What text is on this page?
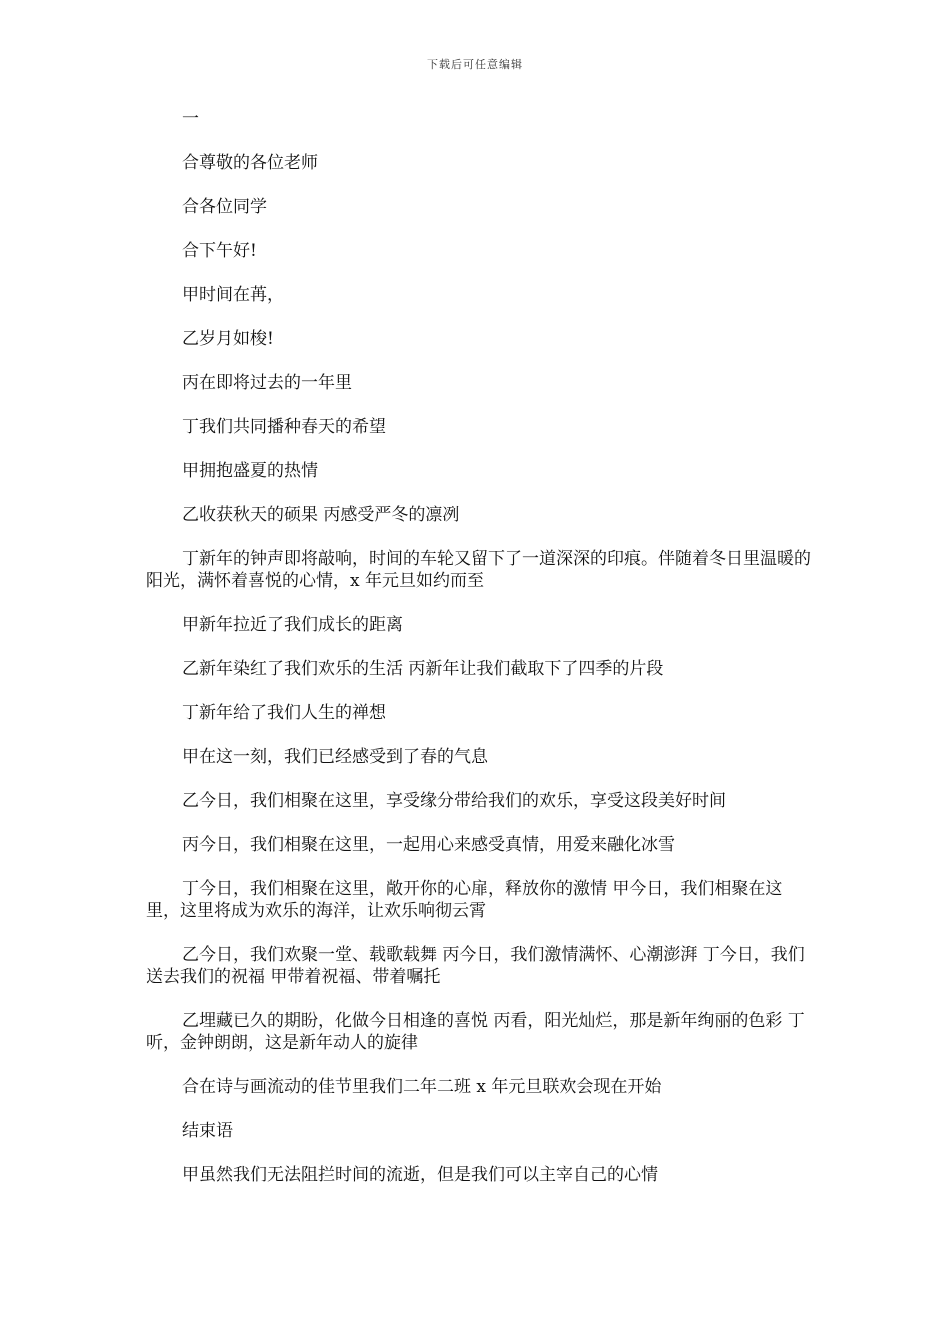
下载后可任意编辑

一

合尊敬的各位老师

合各位同学

合下午好!

甲时间在苒，

乙岁月如梭!

丙在即将过去的一年里

丁我们共同播种春天的希望

甲拥抱盛夏的热情

乙收获秋天的硕果 丙感受严冬的凛冽

丁新年的钟声即将敲响，时间的车轮又留下了一道深深的印痕。伴随着冬日里温暖的阳光，满怀着喜悦的心情，x 年元旦如约而至

甲新年拉近了我们成长的距离

乙新年染红了我们欢乐的生活 丙新年让我们截取下了四季的片段

丁新年给了我们人生的禅想

甲在这一刻，我们已经感受到了春的气息

乙今日，我们相聚在这里，享受缘分带给我们的欢乐，享受这段美好时间

丙今日，我们相聚在这里，一起用心来感受真情，用爱来融化冰雪

丁今日，我们相聚在这里，敞开你的心扉，释放你的激情 甲今日，我们相聚在这里，这里将成为欢乐的海洋，让欢乐响彻云霄

乙今日，我们欢聚一堂、载歌载舞 丙今日，我们激情满怀、心潮澎湃 丁今日，我们送去我们的祝福 甲带着祝福、带着嘱托

乙埋藏已久的期盼，化做今日相逢的喜悦 丙看，阳光灿烂，那是新年绚丽的色彩 丁听，金钟朗朗，这是新年动人的旋律

合在诗与画流动的佳节里我们二年二班 x 年元旦联欢会现在开始

结束语

甲虽然我们无法阻拦时间的流逝，但是我们可以主宰自己的心情
